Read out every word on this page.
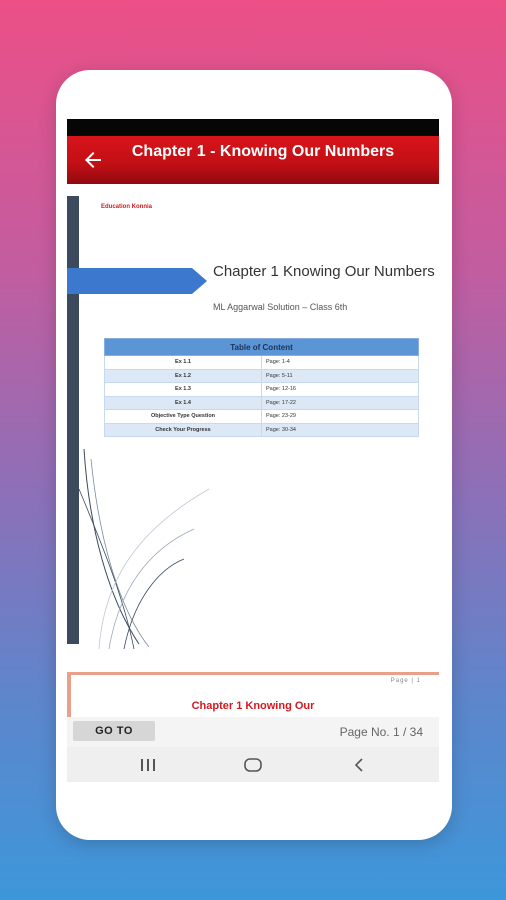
Chapter 1 - Knowing Our Numbers
Education Konnia
Chapter 1 Knowing Our Numbers
ML Aggarwal Solution – Class 6th
Table of Content	
Ex 1.1	Page: 1-4
Ex 1.2	Page: 5-11
Ex 1.3	Page: 12-16
Ex 1.4	Page: 17-22
Objective Type Question	Page: 23-29
Check Your Progress	Page: 30-34
Page | 1
Chapter 1 Knowing Our
GO TO	Page No. 1 / 34
